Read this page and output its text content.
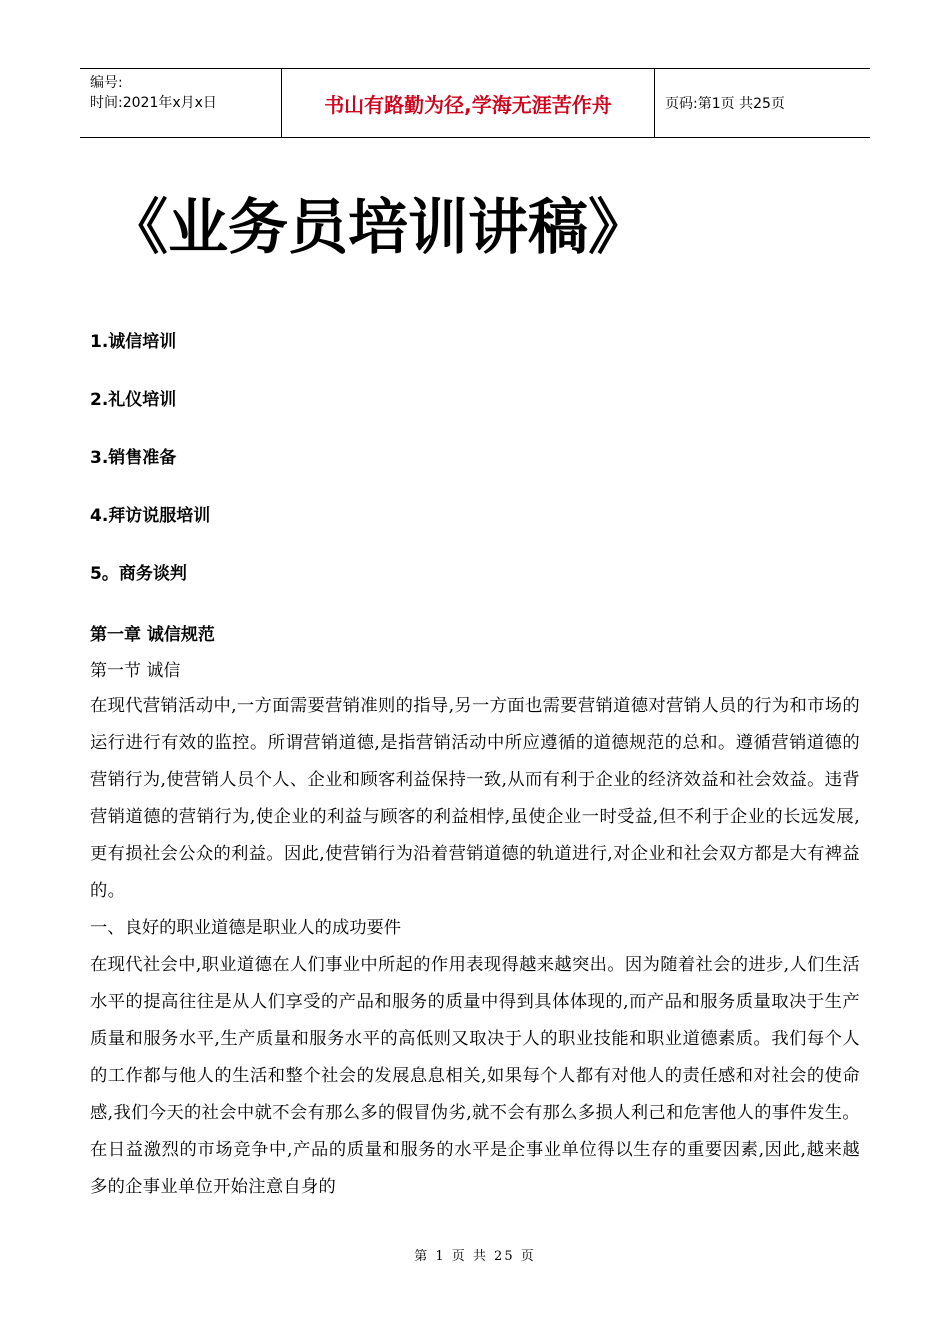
编号:
时间:2021年x月x日	书山有路勤为径,学海无涯苦作舟	页码:第1页 共25页
《业务员培训讲稿》
1.诚信培训
2.礼仪培训
3.销售准备
4.拜访说服培训
5。商务谈判
第一章 诚信规范
第一节 诚信

在现代营销活动中,一方面需要营销准则的指导,另一方面也需要营销道德对营销人员的行为和市场的运行进行有效的监控。所谓营销道德,是指营销活动中所应遵循的道德规范的总和。遵循营销道德的营销行为,使营销人员个人、企业和顾客利益保持一致,从而有利于企业的经济效益和社会效益。违背营销道德的营销行为,使企业的利益与顾客的利益相悖,虽使企业一时受益,但不利于企业的长远发展,更有损社会公众的利益。因此,使营销行为沿着营销道德的轨道进行,对企业和社会双方都是大有裨益的。

一、良好的职业道德是职业人的成功要件

在现代社会中,职业道德在人们事业中所起的作用表现得越来越突出。因为随着社会的进步,人们生活水平的提高往往是从人们享受的产品和服务的质量中得到具体体现的,而产品和服务质量取决于生产质量和服务水平,生产质量和服务水平的高低则又取决于人的职业技能和职业道德素质。我们每个人的工作都与他人的生活和整个社会的发展息息相关,如果每个人都有对他人的责任感和对社会的使命感,我们今天的社会中就不会有那么多的假冒伪劣,就不会有那么多损人利己和危害他人的事件发生。在日益激烈的市场竞争中,产品的质量和服务的水平是企事业单位得以生存的重要因素,因此,越来越多的企事业单位开始注意自身的

第 1 页 共 25 页
